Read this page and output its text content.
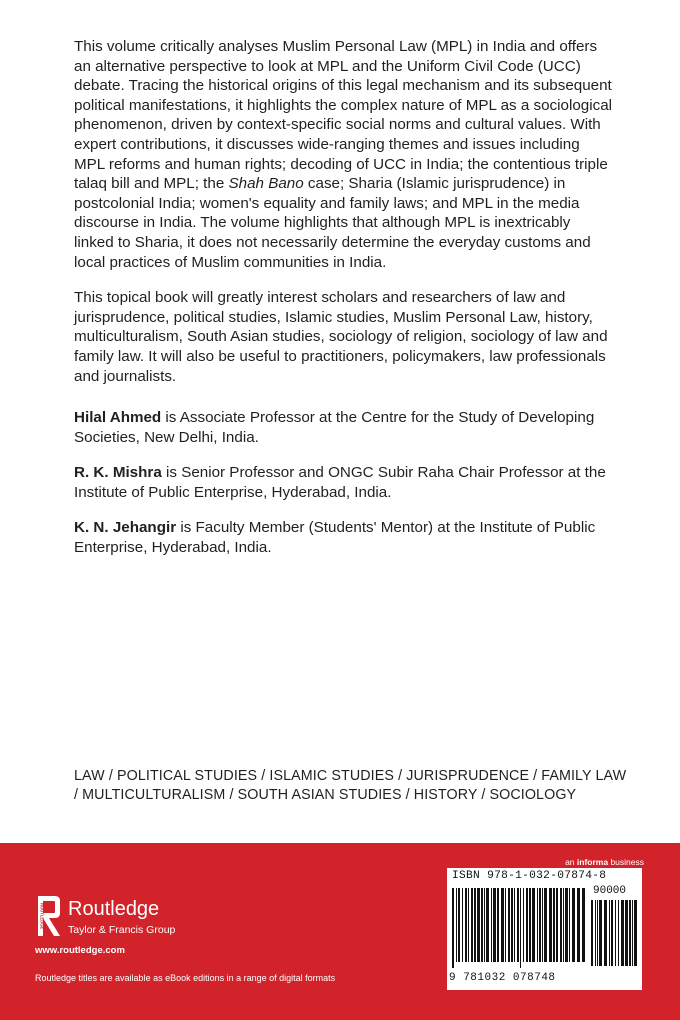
This volume critically analyses Muslim Personal Law (MPL) in India and offers an alternative perspective to look at MPL and the Uniform Civil Code (UCC) debate. Tracing the historical origins of this legal mechanism and its subsequent political manifestations, it highlights the complex nature of MPL as a sociological phenomenon, driven by context-specific social norms and cultural values. With expert contributions, it discusses wide-ranging themes and issues including MPL reforms and human rights; decoding of UCC in India; the contentious triple talaq bill and MPL; the Shah Bano case; Sharia (Islamic jurisprudence) in postcolonial India; women's equality and family laws; and MPL in the media discourse in India. The volume highlights that although MPL is inextricably linked to Sharia, it does not necessarily determine the everyday customs and local practices of Muslim communities in India.

This topical book will greatly interest scholars and researchers of law and jurisprudence, political studies, Islamic studies, Muslim Personal Law, history, multiculturalism, South Asian studies, sociology of religion, sociology of law and family law. It will also be useful to practitioners, policymakers, law professionals and journalists.

Hilal Ahmed is Associate Professor at the Centre for the Study of Developing Societies, New Delhi, India.

R. K. Mishra is Senior Professor and ONGC Subir Raha Chair Professor at the Institute of Public Enterprise, Hyderabad, India.

K. N. Jehangir is Faculty Member (Students' Mentor) at the Institute of Public Enterprise, Hyderabad, India.

LAW / POLITICAL STUDIES / ISLAMIC STUDIES / JURISPRUDENCE / FAMILY LAW / MULTICULTURALISM / SOUTH ASIAN STUDIES / HISTORY / SOCIOLOGY
an informa business
ROUTLEDGE Routledge
Taylor & Francis Group
www.routledge.com
Routledge titles are available as eBook editions in a range of digital formats
ISBN 978-1-032-07874-8
90000
9 781032 078748
